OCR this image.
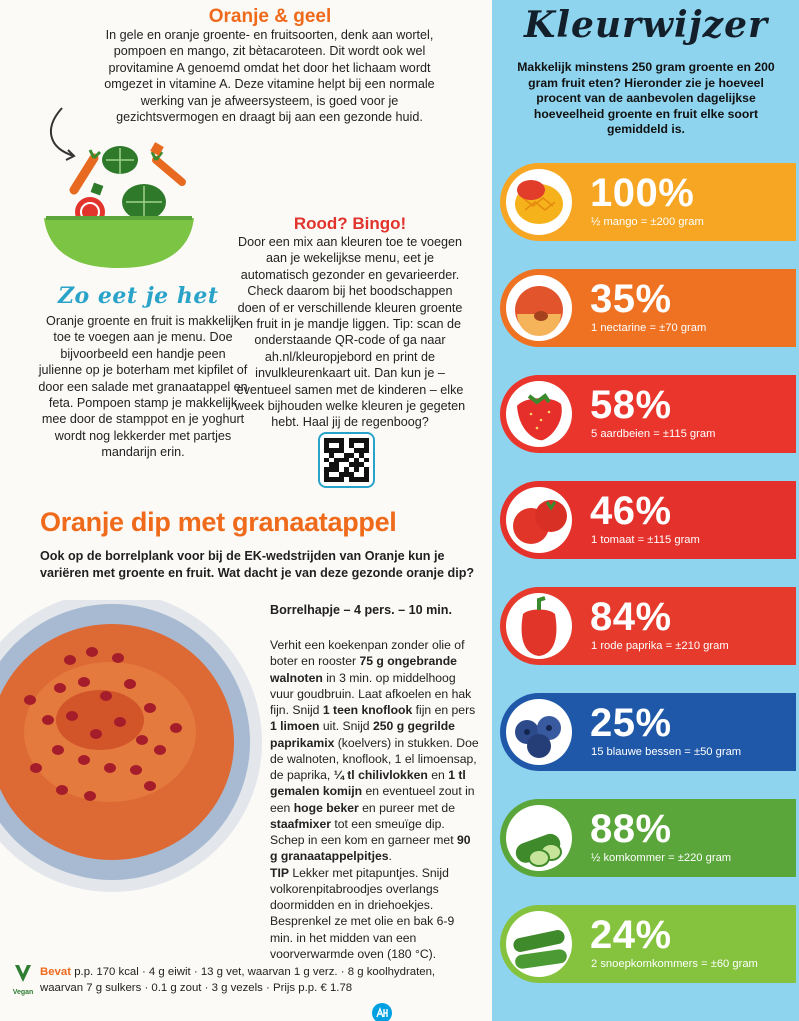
Oranje & geel
In gele en oranje groente- en fruitsoorten, denk aan wortel, pompoen en mango, zit bètacaroteen. Dit wordt ook wel provitamine A genoemd omdat het door het lichaam wordt omgezet in vitamine A. Deze vitamine helpt bij een normale werking van je afweersysteem, is goed voor je gezichtsvermogen en draagt bij aan een gezonde huid.
Zo eet je het
Oranje groente en fruit is makkelijk toe te voegen aan je menu. Doe bijvoorbeeld een handje peen julienne op je boterham met kipfilet of door een salade met granaatappel en feta. Pompoen stamp je makkelijk mee door de stamppot en je yoghurt wordt nog lekkerder met partjes mandarijn erin.
Rood? Bingo!
Door een mix aan kleuren toe te voegen aan je wekelijkse menu, eet je automatisch gezonder en gevarieerder. Check daarom bij het boodschappen doen of er verschillende kleuren groente en fruit in je mandje liggen. Tip: scan de onderstaande QR-code of ga naar ah.nl/kleuropjebord en print de invulkleurenkaart uit. Dan kun je – eventueel samen met de kinderen – elke week bijhouden welke kleuren je gegeten hebt. Haal jij de regenboog?
Oranje dip met granaatappel
Ook op de borrelplank voor bij de EK-wedstrijden van Oranje kun je variëren met groente en fruit. Wat dacht je van deze gezonde oranje dip?
Borrelhapje – 4 pers. – 10 min.
Verhit een koekenpan zonder olie of boter en rooster 75 g ongebrande walnoten in 3 min. op middelhoog vuur goudbruin. Laat afkoelen en hak fijn. Snijd 1 teen knoflook fijn en pers 1 limoen uit. Snijd 250 g gegrilde paprikamix (koelvers) in stukken. Doe de walnoten, knoflook, 1 el limoensap, de paprika, ¼ tl chilivlokken en 1 tl gemalen komijn en eventueel zout in een hoge beker en pureer met de staafmixer tot een smeuïge dip. Schep in een kom en garneer met 90 g granaatappelpitjes.
TIP Lekker met pitapuntjes. Snijd volkorenpitabroodjes overlangs doormidden en in driehoekjes. Besprenkel ze met olie en bak 6-9 min. in het midden van een voorverwarmde oven (180 °C).
Vegan
Bevat p.p. 170 kcal · 4 g eiwit · 13 g vet, waarvan 1 g verz. · 8 g koolhydraten, waarvan 7 g sulkers · 0.1 g zout · 3 g vezels · Prijs p.p. € 1.78
Kleurwijzer
Makkelijk minstens 250 gram groente en 200 gram fruit eten? Hieronder zie je hoeveel procent van de aanbevolen dagelijkse hoeveelheid groente en fruit elke soort gemiddeld is.
100%
½ mango = ±200 gram
35%
1 nectarine = ±70 gram
58%
5 aardbeien = ±115 gram
46%
1 tomaat = ±115 gram
84%
1 rode paprika = ±210 gram
25%
15 blauwe bessen = ±50 gram
88%
½ komkommer = ±220 gram
24%
2 snoepkomkommers = ±60 gram
